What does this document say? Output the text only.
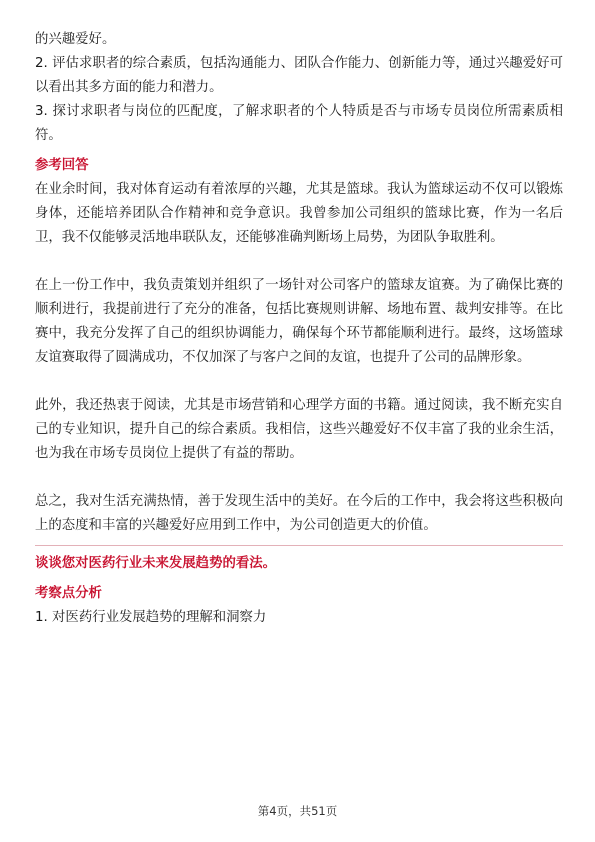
的兴趣爱好。

2. 评估求职者的综合素质，包括沟通能力、团队合作能力、创新能力等，通过兴趣爱好可以看出其多方面的能力和潜力。

3. 探讨求职者与岗位的匹配度，了解求职者的个人特质是否与市场专员岗位所需素质相符。

参考回答

在业余时间，我对体育运动有着浓厚的兴趣，尤其是篮球。我认为篮球运动不仅可以锻炼身体，还能培养团队合作精神和竞争意识。我曾参加公司组织的篮球比赛，作为一名后卫，我不仅能够灵活地串联队友，还能够准确判断场上局势，为团队争取胜利。

在上一份工作中，我负责策划并组织了一场针对公司客户的篮球友谊赛。为了确保比赛的顺利进行，我提前进行了充分的准备，包括比赛规则讲解、场地布置、裁判安排等。在比赛中，我充分发挥了自己的组织协调能力，确保每个环节都能顺利进行。最终，这场篮球友谊赛取得了圆满成功，不仅加深了与客户之间的友谊，也提升了公司的品牌形象。

此外，我还热衷于阅读，尤其是市场营销和心理学方面的书籍。通过阅读，我不断充实自己的专业知识，提升自己的综合素质。我相信，这些兴趣爱好不仅丰富了我的业余生活，也为我在市场专员岗位上提供了有益的帮助。

总之，我对生活充满热情，善于发现生活中的美好。在今后的工作中，我会将这些积极向上的态度和丰富的兴趣爱好应用到工作中，为公司创造更大的价值。

谈谈您对医药行业未来发展趋势的看法。

考察点分析

1. 对医药行业发展趋势的理解和洞察力

第4页，共51页
